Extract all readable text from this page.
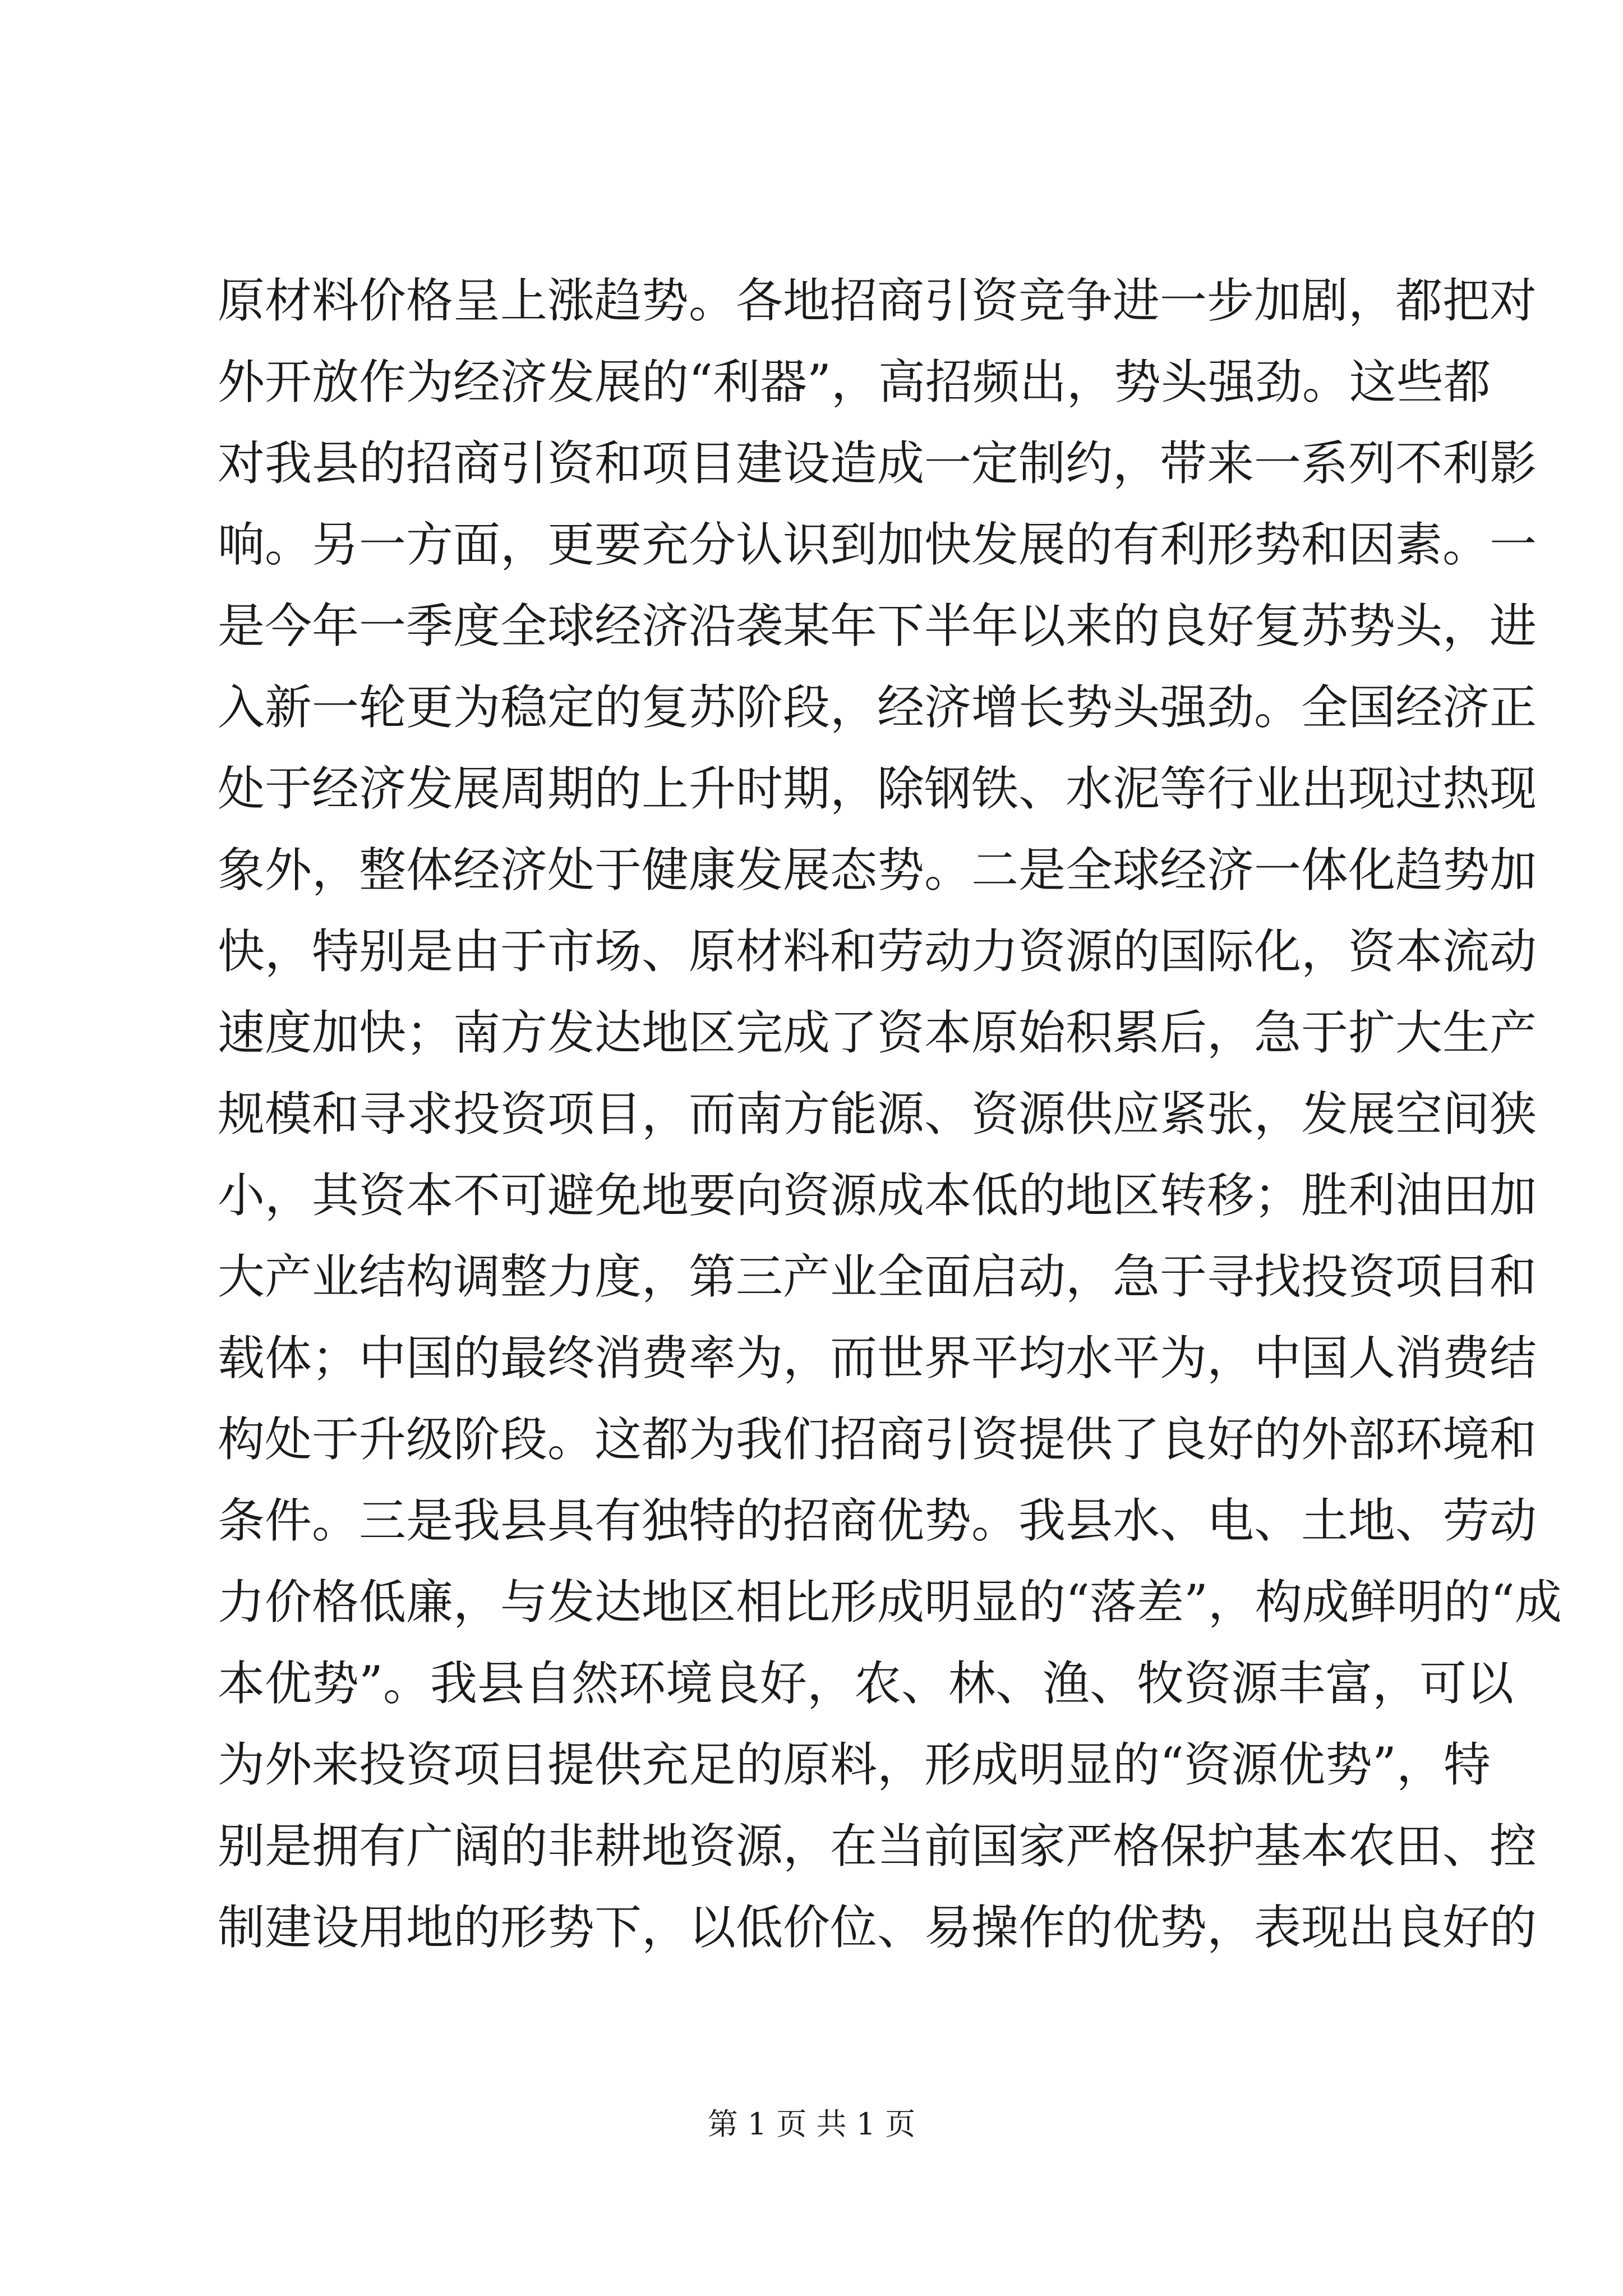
原材料价格呈上涨趋势。各地招商引资竞争进一步加剧，都把对
外开放作为经济发展的“利器”，高招频出，势头强劲。这些都
对我县的招商引资和项目建设造成一定制约，带来一系列不利影
响。另一方面，更要充分认识到加快发展的有利形势和因素。一
是今年一季度全球经济沿袭某年下半年以来的良好复苏势头，进
入新一轮更为稳定的复苏阶段，经济增长势头强劲。全国经济正
处于经济发展周期的上升时期，除钢铁、水泥等行业出现过热现
象外，整体经济处于健康发展态势。二是全球经济一体化趋势加
快，特别是由于市场、原材料和劳动力资源的国际化，资本流动
速度加快；南方发达地区完成了资本原始积累后，急于扩大生产
规模和寻求投资项目，而南方能源、资源供应紧张，发展空间狭
小，其资本不可避免地要向资源成本低的地区转移；胜利油田加
大产业结构调整力度，第三产业全面启动，急于寻找投资项目和
载体；中国的最终消费率为，而世界平均水平为，中国人消费结
构处于升级阶段。这都为我们招商引资提供了良好的外部环境和
条件。三是我县具有独特的招商优势。我县水、电、土地、劳动
力价格低廉，与发达地区相比形成明显的“落差”，构成鲜明的“成
本优势”。我县自然环境良好，农、林、渔、牧资源丰富，可以
为外来投资项目提供充足的原料，形成明显的“资源优势”，特
别是拥有广阔的非耕地资源，在当前国家严格保护基本农田、控
制建设用地的形势下，以低价位、易操作的优势，表现出良好的
第 1 页 共 1 页
